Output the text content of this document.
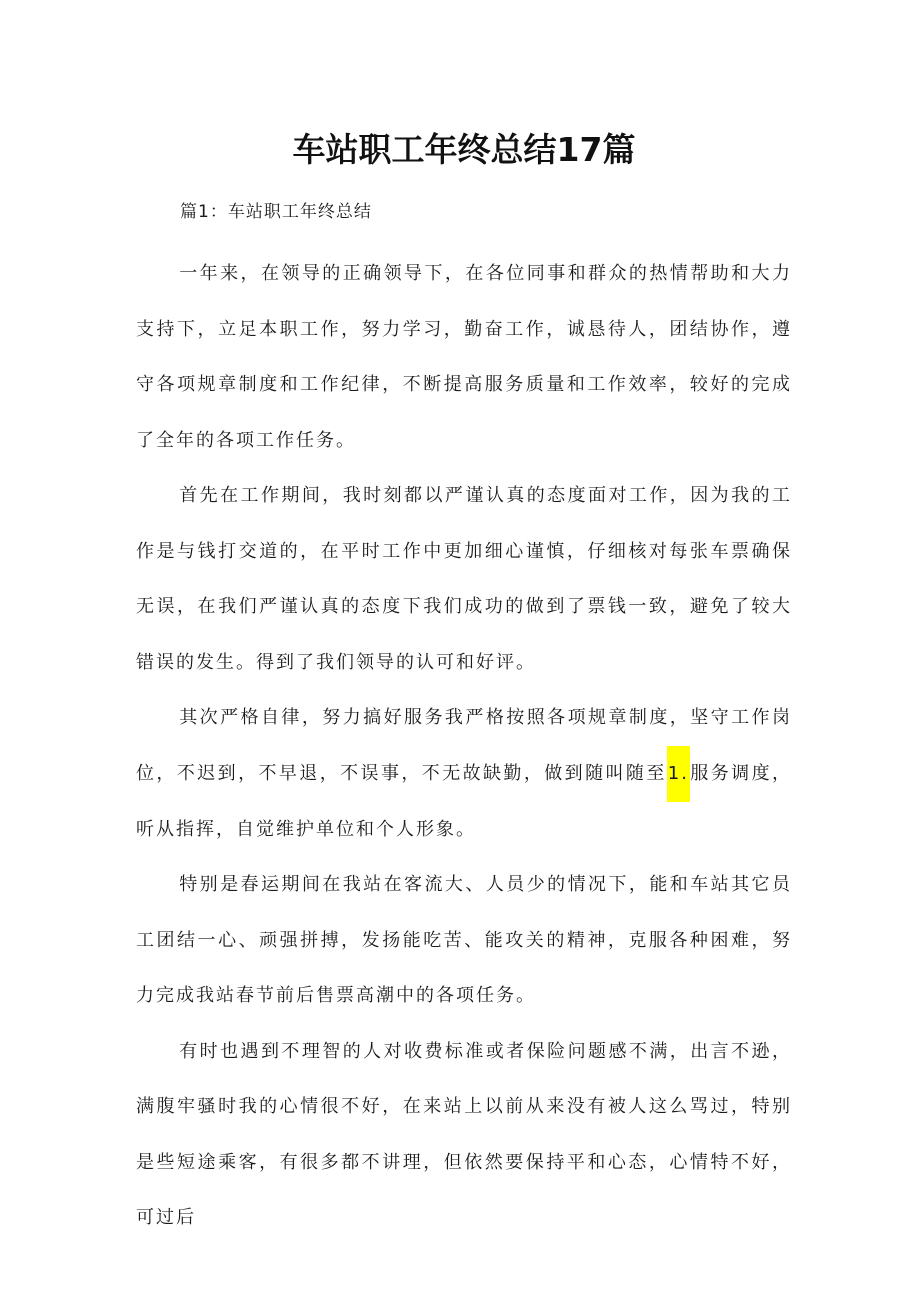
车站职工年终总结17篇
篇1：车站职工年终总结

一年来，在领导的正确领导下，在各位同事和群众的热情帮助和大力支持下，立足本职工作，努力学习，勤奋工作，诚恳待人，团结协作，遵守各项规章制度和工作纪律，不断提高服务质量和工作效率，较好的完成了全年的各项工作任务。

首先在工作期间，我时刻都以严谨认真的态度面对工作，因为我的工作是与钱打交道的，在平时工作中更加细心谨慎，仔细核对每张车票确保无误，在我们严谨认真的态度下我们成功的做到了票钱一致，避免了较大错误的发生。得到了我们领导的认可和好评。

其次严格自律，努力搞好服务我严格按照各项规章制度，坚守工作岗位，不迟到，不早退，不误事，不无故缺勤，做到随叫随至1.服务调度，听从指挥，自觉维护单位和个人形象。

特别是春运期间在我站在客流大、人员少的情况下，能和车站其它员工团结一心、顽强拼搏，发扬能吃苦、能攻关的精神，克服各种困难，努力完成我站春节前后售票高潮中的各项任务。

有时也遇到不理智的人对收费标准或者保险问题感不满，出言不逊，满腹牢骚时我的心情很不好，在来站上以前从来没有被人这么骂过，特别是些短途乘客，有很多都不讲理，但依然要保持平和心态，心情特不好，可过后
